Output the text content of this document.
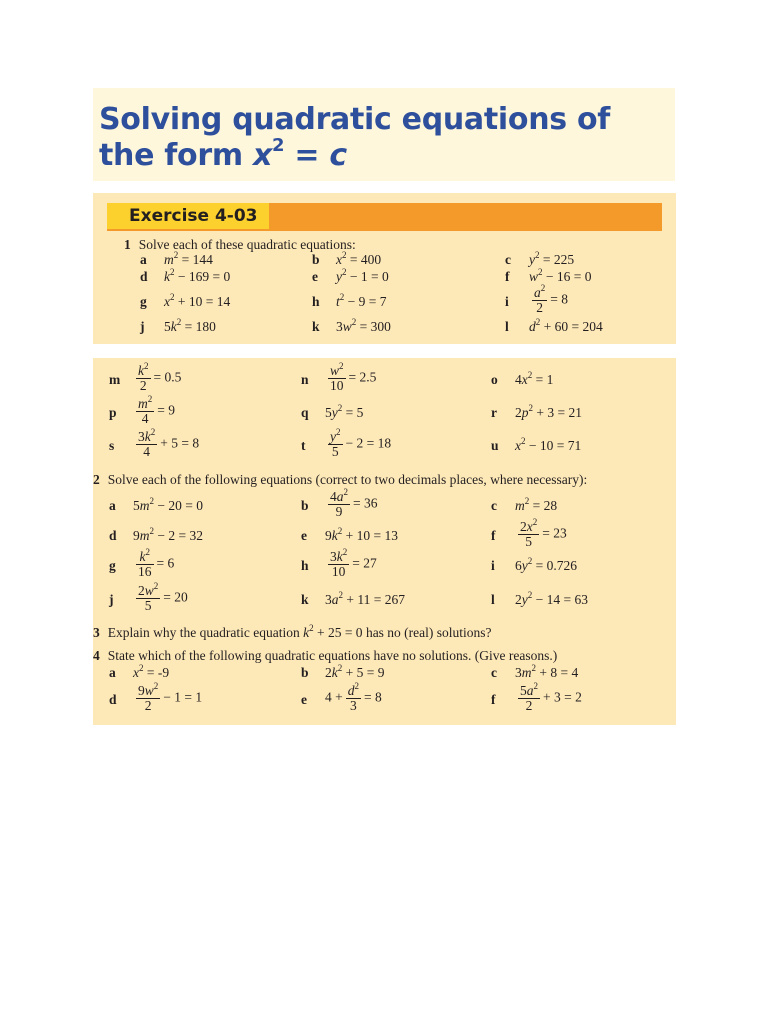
Solving quadratic equations of
the form $x^2 = c$
Exercise 4-03
1 Solve each of these quadratic equations:
a $m^2 = 144$	b $x^2 = 400$	c $y^2 = 225$
d $k^2 - 169 = 0$	e $y^2 - 1 = 0$	f $w^2 - 16 = 0$
g $x^2 + 10 = 14$	h $t^2 - 9 = 7$	i $\frac{a^2}{2} = 8$
j $5k^2 = 180$	k $3w^2 = 300$	l $d^2 + 60 = 204$
m $\frac{k^2}{2} = 0.5$	n $\frac{w^2}{10} = 2.5$	o $4x^2 = 1$
p $\frac{m^2}{4} = 9$	q $5y^2 = 5$	r $2p^2 + 3 = 21$
s $\frac{3k^2}{4} + 5 = 8$	t $\frac{y^2}{5} - 2 = 18$	u $x^2 - 10 = 71$
2 Solve each of the following equations (correct to two decimals places, where necessary):
a $5m^2 - 20 = 0$	b $\frac{4a^2}{9} = 36$	c $m^2 = 28$
d $9m^2 - 2 = 32$	e $9k^2 + 10 = 13$	f $\frac{2x^2}{5} = 23$
g $\frac{k^2}{16} = 6$	h $\frac{3k^2}{10} = 27$	i $6y^2 = 0.726$
j $\frac{2w^2}{5} = 20$	k $3a^2 + 11 = 267$	l $2y^2 - 14 = 63$
3 Explain why the quadratic equation $k^2 + 25 = 0$ has no (real) solutions?
4 State which of the following quadratic equations have no solutions. (Give reasons.)
a $x^2 = -9$	b $2k^2 + 5 = 9$	c $3m^2 + 8 = 4$
d $\frac{9w^2}{2} - 1 = 1$	e $4 + \frac{d^2}{3} = 8$	f $\frac{5a^2}{2} + 3 = 2$
